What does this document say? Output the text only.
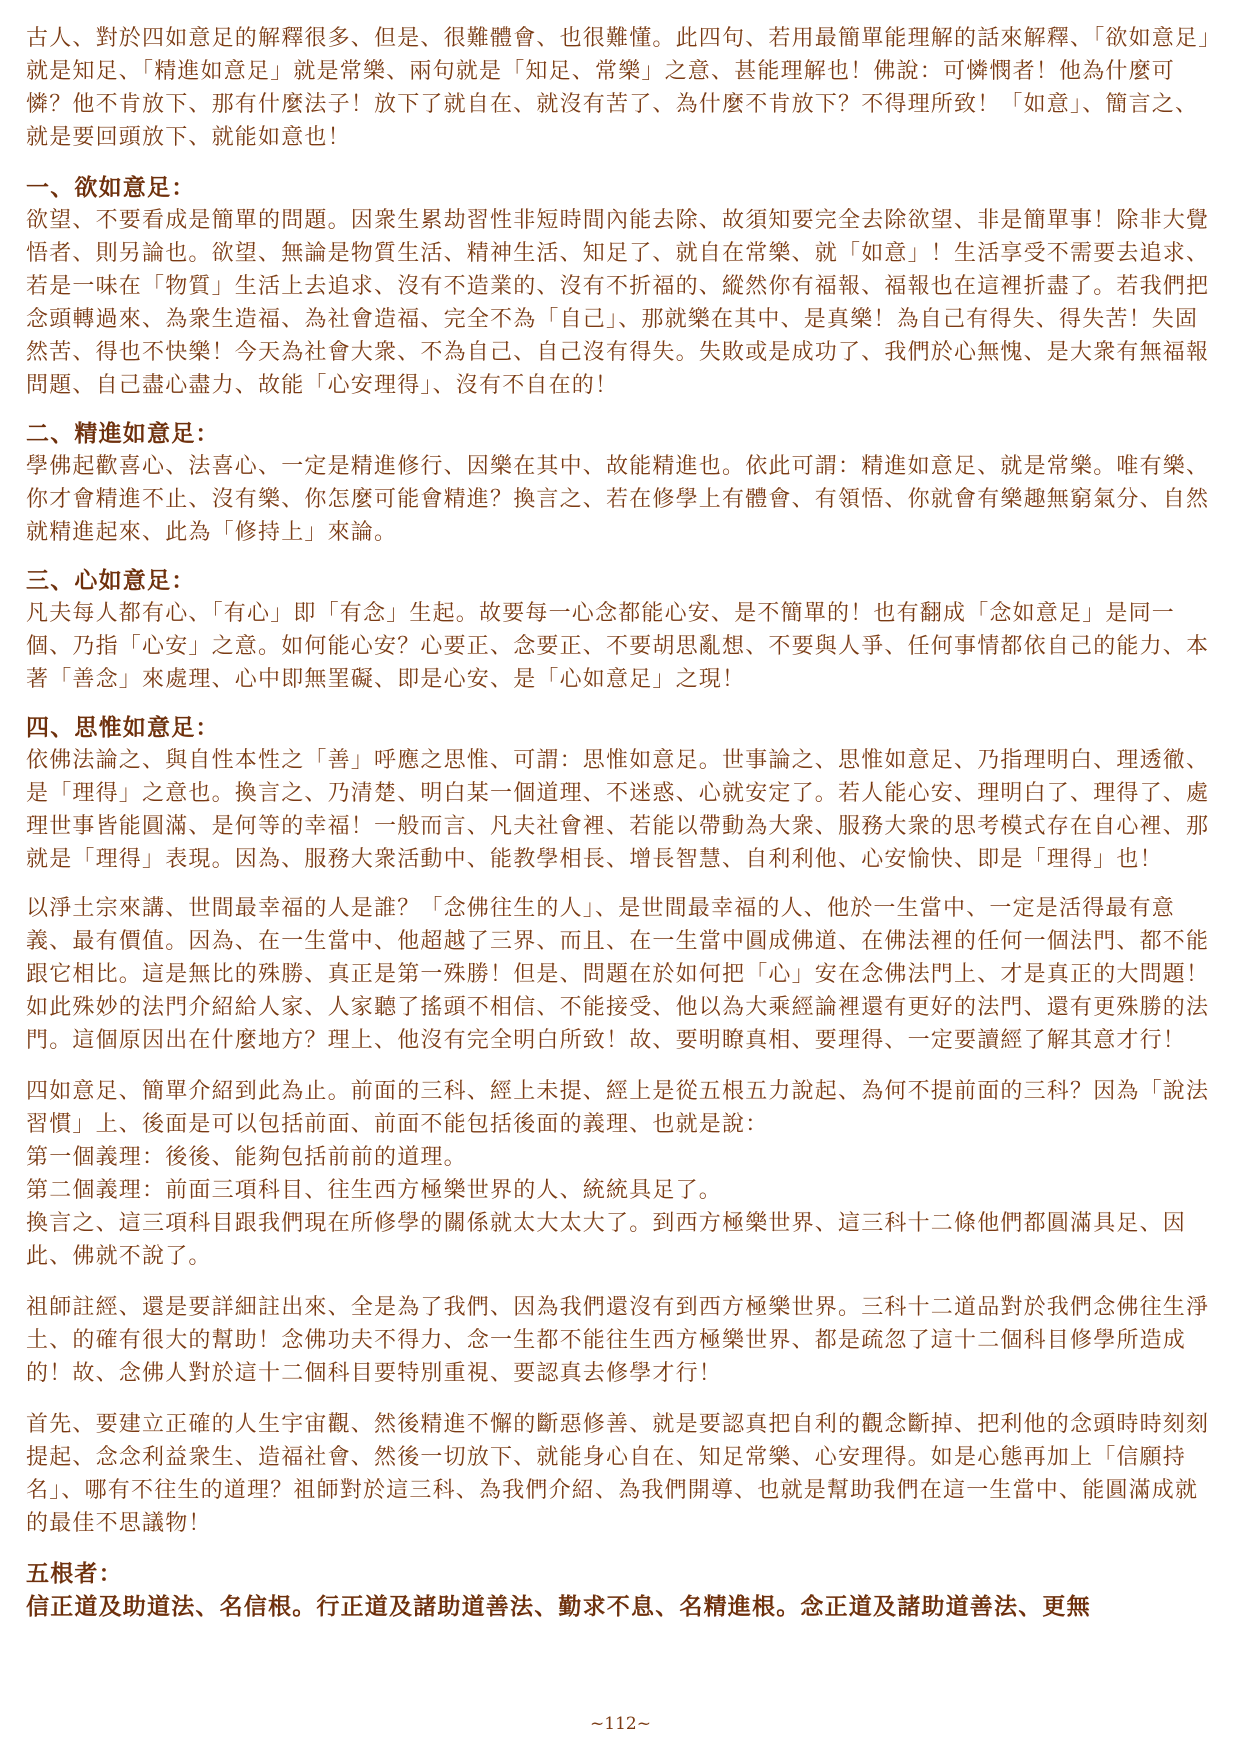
古人、對於四如意足的解釋很多、但是、很難體會、也很難懂。此四句、若用最簡單能理解的話來解釋、「欲如意足」就是知足、「精進如意足」就是常樂、兩句就是「知足、常樂」之意、甚能理解也！佛說：可憐憫者！他為什麼可憐？他不肯放下、那有什麼法子！放下了就自在、就沒有苦了、為什麼不肯放下？不得理所致！「如意」、簡言之、就是要回頭放下、就能如意也！

一、欲如意足：

欲望、不要看成是簡單的問題。因衆生累劫習性非短時間內能去除、故須知要完全去除欲望、非是簡單事！除非大覺悟者、則另論也。欲望、無論是物質生活、精神生活、知足了、就自在常樂、就「如意」！生活享受不需要去追求、若是一味在「物質」生活上去追求、沒有不造業的、沒有不折福的、縱然你有福報、福報也在這裡折盡了。若我們把念頭轉過來、為衆生造福、為社會造福、完全不為「自己」、那就樂在其中、是真樂！為自己有得失、得失苦！失固然苦、得也不快樂！今天為社會大衆、不為自己、自己沒有得失。失敗或是成功了、我們於心無愧、是大衆有無福報問題、自己盡心盡力、故能「心安理得」、沒有不自在的！

二、精進如意足：

學佛起歡喜心、法喜心、一定是精進修行、因樂在其中、故能精進也。依此可謂：精進如意足、就是常樂。唯有樂、你才會精進不止、沒有樂、你怎麼可能會精進？換言之、若在修學上有體會、有領悟、你就會有樂趣無窮氣分、自然就精進起來、此為「修持上」來論。

三、心如意足：

凡夫每人都有心、「有心」即「有念」生起。故要每一心念都能心安、是不簡單的！也有翻成「念如意足」是同一個、乃指「心安」之意。如何能心安？心要正、念要正、不要胡思亂想、不要與人爭、任何事情都依自己的能力、本著「善念」來處理、心中即無罣礙、即是心安、是「心如意足」之現！

四、思惟如意足：

依佛法論之、與自性本性之「善」呼應之思惟、可謂：思惟如意足。世事論之、思惟如意足、乃指理明白、理透徹、是「理得」之意也。換言之、乃清楚、明白某一個道理、不迷惑、心就安定了。若人能心安、理明白了、理得了、處理世事皆能圓滿、是何等的幸福！一般而言、凡夫社會裡、若能以帶動為大衆、服務大衆的思考模式存在自心裡、那就是「理得」表現。因為、服務大衆活動中、能教學相長、增長智慧、自利利他、心安愉快、即是「理得」也！

以淨土宗來講、世間最幸福的人是誰？「念佛往生的人」、是世間最幸福的人、他於一生當中、一定是活得最有意義、最有價值。因為、在一生當中、他超越了三界、而且、在一生當中圓成佛道、在佛法裡的任何一個法門、都不能跟它相比。這是無比的殊勝、真正是第一殊勝！但是、問題在於如何把「心」安在念佛法門上、才是真正的大問題！如此殊妙的法門介紹給人家、人家聽了搖頭不相信、不能接受、他以為大乘經論裡還有更好的法門、還有更殊勝的法門。這個原因出在什麼地方？理上、他沒有完全明白所致！故、要明瞭真相、要理得、一定要讀經了解其意才行！

四如意足、簡單介紹到此為止。前面的三科、經上未提、經上是從五根五力說起、為何不提前面的三科？因為「說法習慣」上、後面是可以包括前面、前面不能包括後面的義理、也就是說：
第一個義理：後後、能夠包括前前的道理。
第二個義理：前面三項科目、往生西方極樂世界的人、統統具足了。
換言之、這三項科目跟我們現在所修學的關係就太大太大了。到西方極樂世界、這三科十二條他們都圓滿具足、因此、佛就不說了。

祖師註經、還是要詳細註出來、全是為了我們、因為我們還沒有到西方極樂世界。三科十二道品對於我們念佛往生淨土、的確有很大的幫助！念佛功夫不得力、念一生都不能往生西方極樂世界、都是疏忽了這十二個科目修學所造成的！故、念佛人對於這十二個科目要特別重視、要認真去修學才行！

首先、要建立正確的人生宇宙觀、然後精進不懈的斷惡修善、就是要認真把自利的觀念斷掉、把利他的念頭時時刻刻提起、念念利益衆生、造福社會、然後一切放下、就能身心自在、知足常樂、心安理得。如是心態再加上「信願持名」、哪有不往生的道理？祖師對於這三科、為我們介紹、為我們開導、也就是幫助我們在這一生當中、能圓滿成就的最佳不思議物！

五根者：
信正道及助道法、名信根。行正道及諸助道善法、勤求不息、名精進根。念正道及諸助道善法、更無
~112~
